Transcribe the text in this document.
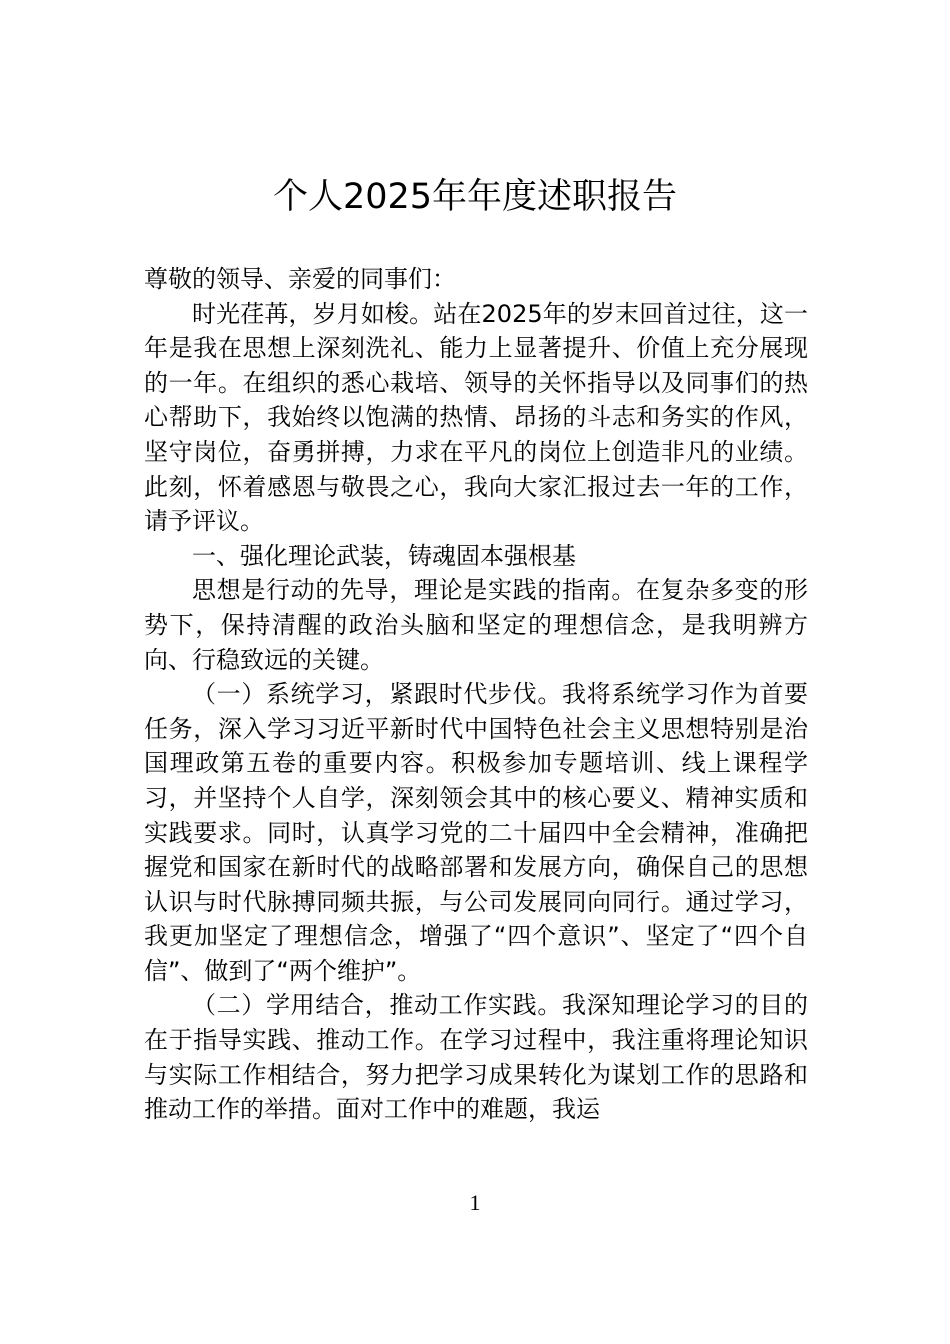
个人2025年年度述职报告

尊敬的领导、亲爱的同事们：

时光荏苒，岁月如梭。站在2025年的岁末回首过往，这一年是我在思想上深刻洗礼、能力上显著提升、价值上充分展现的一年。在组织的悉心栽培、领导的关怀指导以及同事们的热心帮助下，我始终以饱满的热情、昂扬的斗志和务实的作风，坚守岗位，奋勇拼搏，力求在平凡的岗位上创造非凡的业绩。此刻，怀着感恩与敬畏之心，我向大家汇报过去一年的工作，请予评议。

一、强化理论武装，铸魂固本强根基

思想是行动的先导，理论是实践的指南。在复杂多变的形势下，保持清醒的政治头脑和坚定的理想信念，是我明辨方向、行稳致远的关键。

（一）系统学习，紧跟时代步伐。我将系统学习作为首要任务，深入学习习近平新时代中国特色社会主义思想特别是治国理政第五卷的重要内容。积极参加专题培训、线上课程学习，并坚持个人自学，深刻领会其中的核心要义、精神实质和实践要求。同时，认真学习党的二十届四中全会精神，准确把握党和国家在新时代的战略部署和发展方向，确保自己的思想认识与时代脉搏同频共振，与公司发展同向同行。通过学习，我更加坚定了理想信念，增强了“四个意识”、坚定了“四个自信”、做到了“两个维护”。

（二）学用结合，推动工作实践。我深知理论学习的目的在于指导实践、推动工作。在学习过程中，我注重将理论知识与实际工作相结合，努力把学习成果转化为谋划工作的思路和推动工作的举措。面对工作中的难题，我运

1
